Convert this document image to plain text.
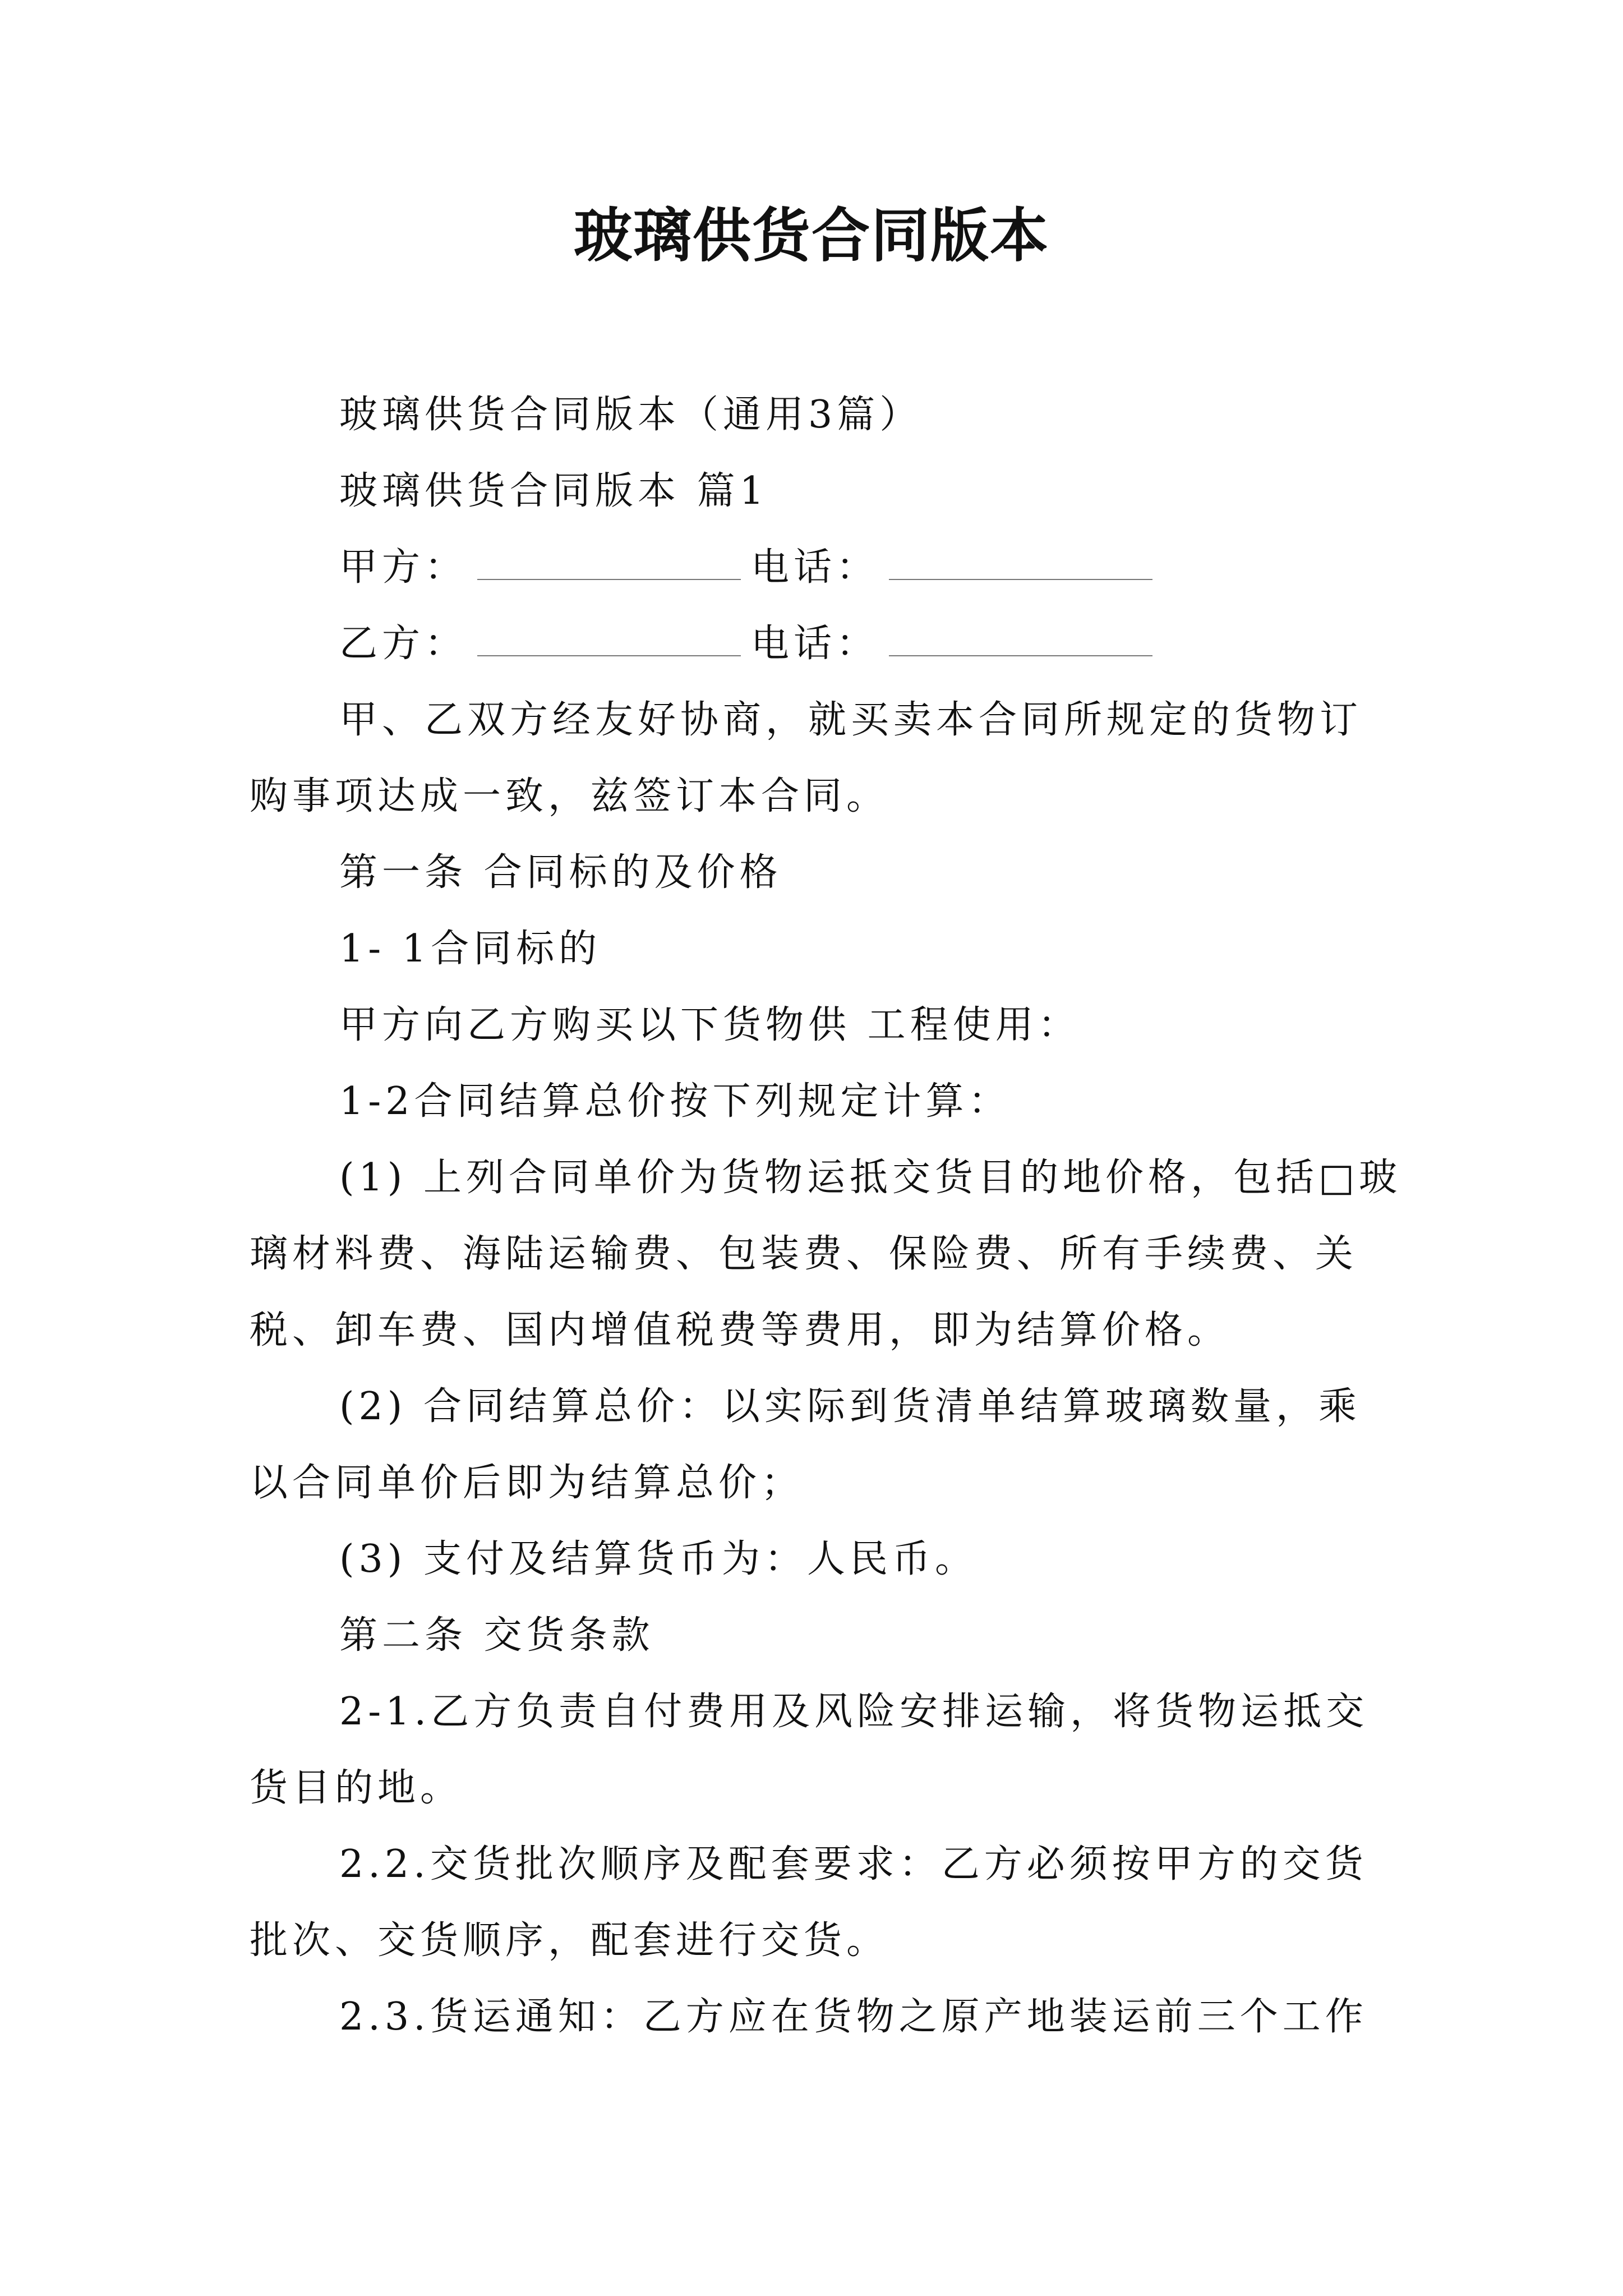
玻璃供货合同版本

玻璃供货合同版本（通用3篇）

玻璃供货合同版本 篇1

甲方：	电话：

乙方：	电话：

甲、乙双方经友好协商，就买卖本合同所规定的货物订购事项达成一致，兹签订本合同。

第一条 合同标的及价格

1- 1合同标的

甲方向乙方购买以下货物供 工程使用：

1-2合同结算总价按下列规定计算：

(1) 上列合同单价为货物运抵交货目的地价格，包括□玻璃材料费、海陆运输费、包装费、保险费、所有手续费、关税、卸车费、国内增值税费等费用，即为结算价格。

(2) 合同结算总价：以实际到货清单结算玻璃数量，乘以合同单价后即为结算总价；

(3) 支付及结算货币为：人民币。

第二条 交货条款

2-1.乙方负责自付费用及风险安排运输，将货物运抵交货目的地。

2.2.交货批次顺序及配套要求：乙方必须按甲方的交货批次、交货顺序，配套进行交货。

2.3.货运通知：乙方应在货物之原产地装运前三个工作
